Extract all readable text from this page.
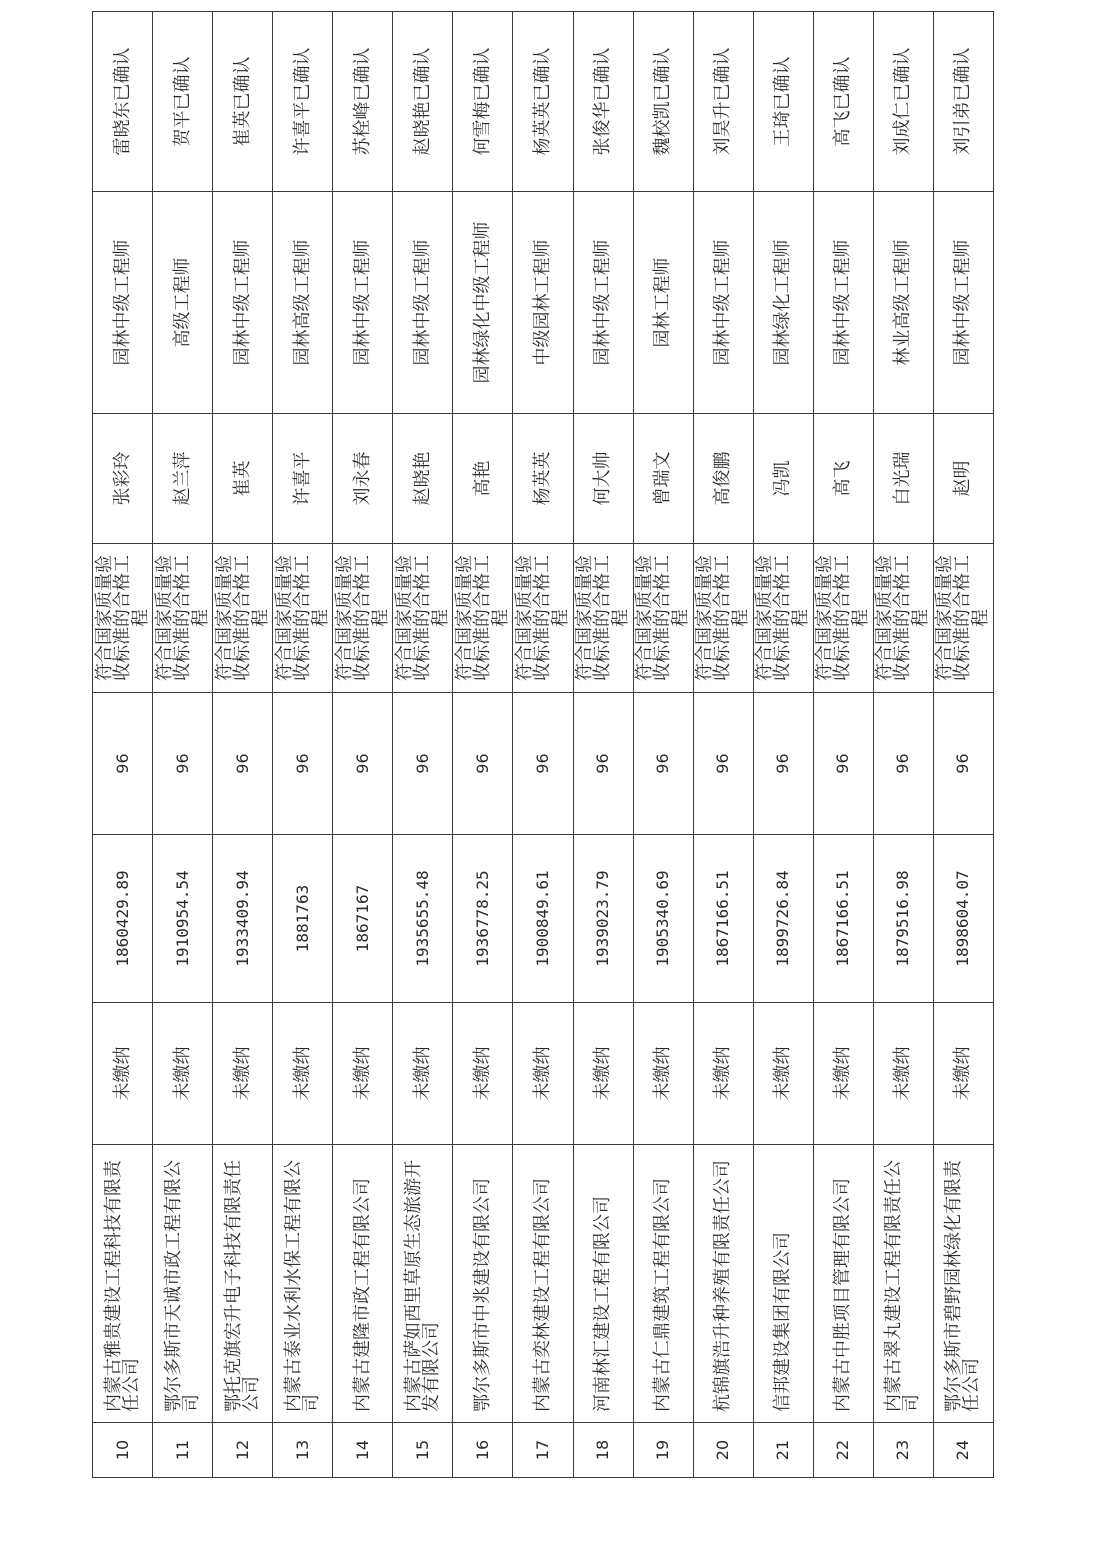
10	内蒙古雅贵建设工程科技有限责任公司	未缴纳	1860429.89	96	符合国家质量验收标准的合格工程	张彩玲	园林中级工程师	雷晓东已确认
11	鄂尔多斯市天诚市政工程有限公司	未缴纳	1910954.54	96	符合国家质量验收标准的合格工程	赵兰萍	高级工程师	贺平已确认
12	鄂托克旗宏升电子科技有限责任公司	未缴纳	1933409.94	96	符合国家质量验收标准的合格工程	崔英	园林中级工程师	崔英已确认
13	内蒙古泰业水利水保工程有限公司	未缴纳	1881763	96	符合国家质量验收标准的合格工程	许喜平	园林高级工程师	许喜平已确认
14	内蒙古建隆市政工程有限公司	未缴纳	1867167	96	符合国家质量验收标准的合格工程	刘永春	园林中级工程师	苏栓峰已确认
15	内蒙古萨如西里草原生态旅游开发有限公司	未缴纳	1935655.48	96	符合国家质量验收标准的合格工程	赵晓艳	园林中级工程师	赵晓艳已确认
16	鄂尔多斯市中兆建设有限公司	未缴纳	1936778.25	96	符合国家质量验收标准的合格工程	高艳	园林绿化中级工程师	何雪梅已确认
17	内蒙古奕林建设工程有限公司	未缴纳	1900849.61	96	符合国家质量验收标准的合格工程	杨英英	中级园林工程师	杨英英已确认
18	河南林汇建设工程有限公司	未缴纳	1939023.79	96	符合国家质量验收标准的合格工程	何大帅	园林中级工程师	张俊华已确认
19	内蒙古仁鼎建筑工程有限公司	未缴纳	1905340.69	96	符合国家质量验收标准的合格工程	曾瑞文	园林工程师	魏校凯已确认
20	杭锦旗浩升种养殖有限责任公司	未缴纳	1867166.51	96	符合国家质量验收标准的合格工程	高俊鹏	园林中级工程师	刘昊升已确认
21	信邦建设集团有限公司	未缴纳	1899726.84	96	符合国家质量验收标准的合格工程	冯凯	园林绿化工程师	王琦已确认
22	内蒙古中胜项目管理有限公司	未缴纳	1867166.51	96	符合国家质量验收标准的合格工程	高飞	园林中级工程师	高飞已确认
23	内蒙古翠丸建设工程有限责任公司	未缴纳	1879516.98	96	符合国家质量验收标准的合格工程	白光瑞	林业高级工程师	刘成仁已确认
24	鄂尔多斯市碧野园林绿化有限责任公司	未缴纳	1898604.07	96	符合国家质量验收标准的合格工程	赵明	园林中级工程师	刘引弟已确认
